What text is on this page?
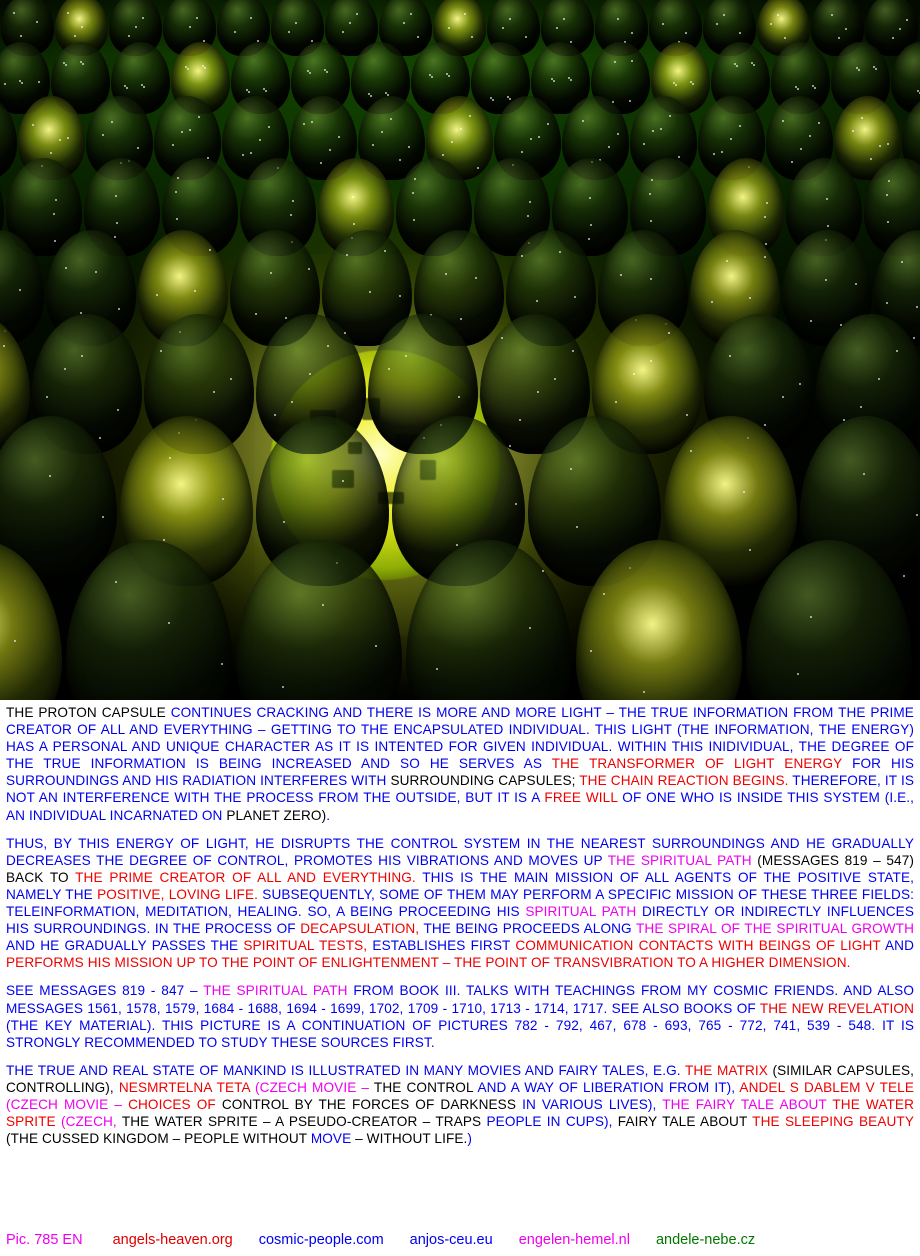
THE PROTON CAPSULE CONTINUES CRACKING AND THERE IS MORE AND MORE LIGHT – THE TRUE INFORMATION FROM THE PRIME CREATOR OF ALL AND EVERYTHING – GETTING TO THE ENCAPSULATED INDIVIDUAL. THIS LIGHT (THE INFORMATION, THE ENERGY) HAS A PERSONAL AND UNIQUE CHARACTER AS IT IS INTENTED FOR GIVEN INDIVIDUAL. WITHIN THIS INIDIVIDUAL, THE DEGREE OF THE TRUE INFORMATION IS BEING INCREASED AND SO HE SERVES AS THE TRANSFORMER OF LIGHT ENERGY FOR HIS SURROUNDINGS AND HIS RADIATION INTERFERES WITH SURROUNDING CAPSULES; THE CHAIN REACTION BEGINS. THEREFORE, IT IS NOT AN INTERFERENCE WITH THE PROCESS FROM THE OUTSIDE, BUT IT IS A FREE WILL OF ONE WHO IS INSIDE THIS SYSTEM (I.E., AN INDIVIDUAL INCARNATED ON PLANET ZERO).

THUS, BY THIS ENERGY OF LIGHT, HE DISRUPTS THE CONTROL SYSTEM IN THE NEAREST SURROUNDINGS AND HE GRADUALLY DECREASES THE DEGREE OF CONTROL, PROMOTES HIS VIBRATIONS AND MOVES UP THE SPIRITUAL PATH (MESSAGES 819 – 547) BACK TO THE PRIME CREATOR OF ALL AND EVERYTHING. THIS IS THE MAIN MISSION OF ALL AGENTS OF THE POSITIVE STATE, NAMELY THE POSITIVE, LOVING LIFE. SUBSEQUENTLY, SOME OF THEM MAY PERFORM A SPECIFIC MISSION OF THESE THREE FIELDS: TELEINFORMATION, MEDITATION, HEALING. SO, A BEING PROCEEDING HIS SPIRITUAL PATH DIRECTLY OR INDIRECTLY INFLUENCES HIS SURROUNDINGS. IN THE PROCESS OF DECAPSULATION, THE BEING PROCEEDS ALONG THE SPIRAL OF THE SPIRITUAL GROWTH AND HE GRADUALLY PASSES THE SPIRITUAL TESTS, ESTABLISHES FIRST COMMUNICATION CONTACTS WITH BEINGS OF LIGHT AND PERFORMS HIS MISSION UP TO THE POINT OF ENLIGHTENMENT – THE POINT OF TRANSVIBRATION TO A HIGHER DIMENSION.

SEE MESSAGES 819 - 847 – THE SPIRITUAL PATH FROM BOOK III. TALKS WITH TEACHINGS FROM MY COSMIC FRIENDS. AND ALSO MESSAGES 1561, 1578, 1579, 1684 - 1688, 1694 - 1699, 1702, 1709 - 1710, 1713 - 1714, 1717. SEE ALSO BOOKS OF THE NEW REVELATION (THE KEY MATERIAL). THIS PICTURE IS A CONTINUATION OF PICTURES 782 - 792, 467, 678 - 693, 765 - 772, 741, 539 - 548. IT IS STRONGLY RECOMMENDED TO STUDY THESE SOURCES FIRST.

THE TRUE AND REAL STATE OF MANKIND IS ILLUSTRATED IN MANY MOVIES AND FAIRY TALES, E.G. THE MATRIX (SIMILAR CAPSULES, CONTROLLING), NESMRTELNA TETA (CZECH MOVIE – THE CONTROL AND A WAY OF LIBERATION FROM IT), ANDEL S DABLEM V TELE (CZECH MOVIE – CHOICES OF CONTROL BY THE FORCES OF DARKNESS IN VARIOUS LIVES), THE FAIRY TALE ABOUT THE WATER SPRITE (CZECH, THE WATER SPRITE – A PSEUDO-CREATOR – TRAPS PEOPLE IN CUPS), FAIRY TALE ABOUT THE SLEEPING BEAUTY (THE CUSSED KINGDOM – PEOPLE WITHOUT MOVE – WITHOUT LIFE.)

Pic. 785 EN angels-heaven.org cosmic-people.com anjos-ceu.eu engelen-hemel.nl andele-nebe.cz
